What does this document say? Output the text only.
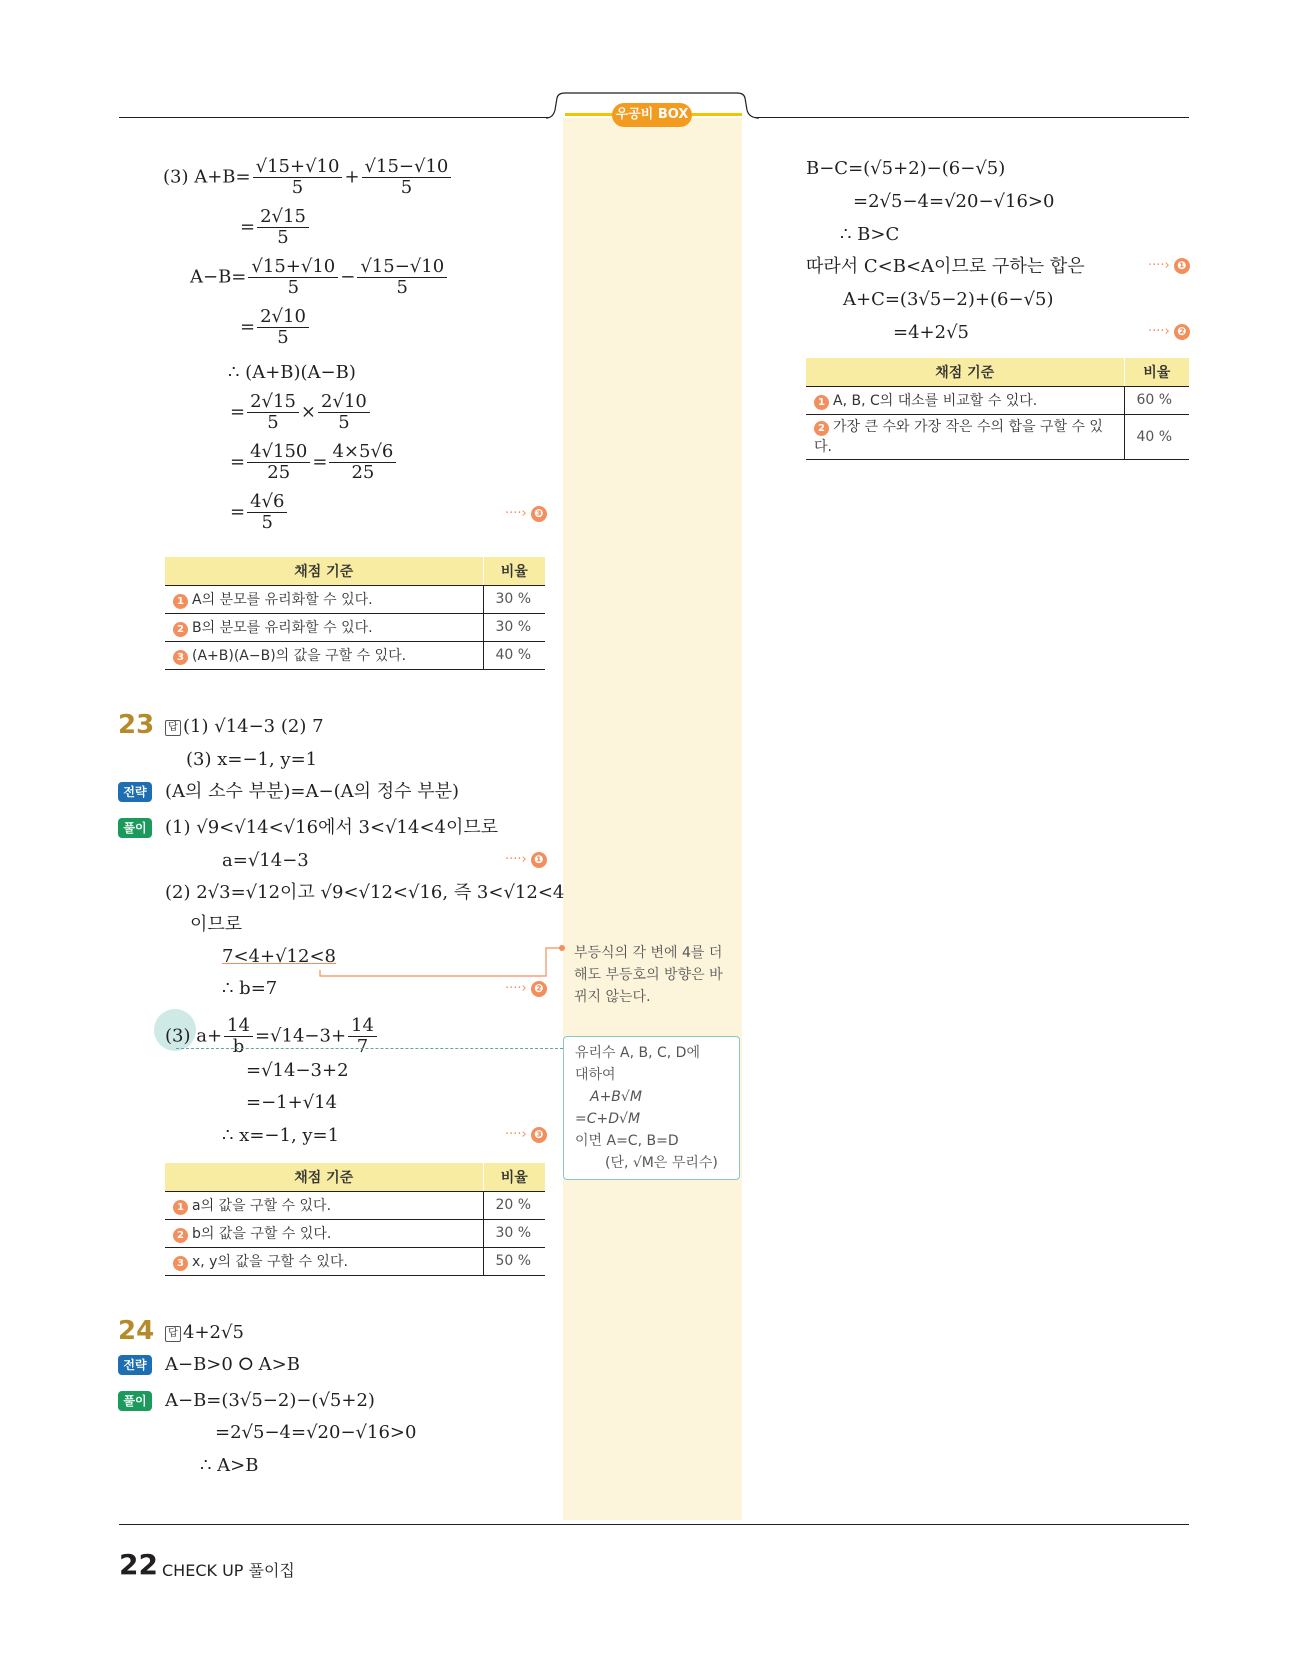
우공비 BOX
(3) $A+B= \frac{√15+√10}{5} + \frac{√15-√10}{5}$
= $\frac{2√15}{5}$
$A-B= \frac{√15+√10}{5} - \frac{√15-√10}{5}$
= $\frac{2√10}{5}$
∴ (A+B)(A−B)
= $\frac{2√15}{5} \times \frac{2√10}{5}$
= $\frac{4√150}{25} = \frac{4\times 5√6}{25}$
= $\frac{4√6}{5}$	····› ❸
채점 기준	비율
1 A의 분모를 유리화할 수 있다.	30 %
2 B의 분모를 유리화할 수 있다.	30 %
3 (A+B)(A−B)의 값을 구할 수 있다.	40 %
23	답 (1) √14−3 (2) 7
(3) x=−1, y=1
전략	(A의 소수 부분)=A−(A의 정수 부분)
풀이	(1) √9<√14<√16에서 3<√14<4이므로
a=√14−3	····› ❶
(2) 2√3=√12이고 √9<√12<√16, 즉 3<√12<4
이므로
7<4+√12<8
∴ b=7	····› ❷
(3) $a+ \frac{14}{b} =√14-3+ \frac{14}{7}$
=√14−3+2
=−1+√14
∴ x=−1, y=1	····› ❸
채점 기준	비율
1 a의 값을 구할 수 있다.	20 %
2 b의 값을 구할 수 있다.	30 %
3 x, y의 값을 구할 수 있다.	50 %
24	답 4+2√5
전략	A−B>0 ⭘ A>B
풀이	A−B=(3√5−2)−(√5+2)
=2√5−4=√20−√16>0
∴ A>B
부등식의 각 변에 4를 더해도 부등호의 방향은 바뀌지 않는다.
유리수 A, B, C, D에
대하여
A+B√M
=C+D√M
이면 A=C, B=D
(단, √M은 무리수)
B−C=(√5+2)−(6−√5)
=2√5−4=√20−√16>0
∴ B>C
따라서 C<B<A이므로 구하는 합은	····› ❶
A+C=(3√5−2)+(6−√5)
=4+2√5	····› ❷
채점 기준	비율
1 A, B, C의 대소를 비교할 수 있다.	60 %
2 가장 큰 수와 가장 작은 수의 합을 구할 수 있다.	40 %
22 CHECK UP 풀이집
